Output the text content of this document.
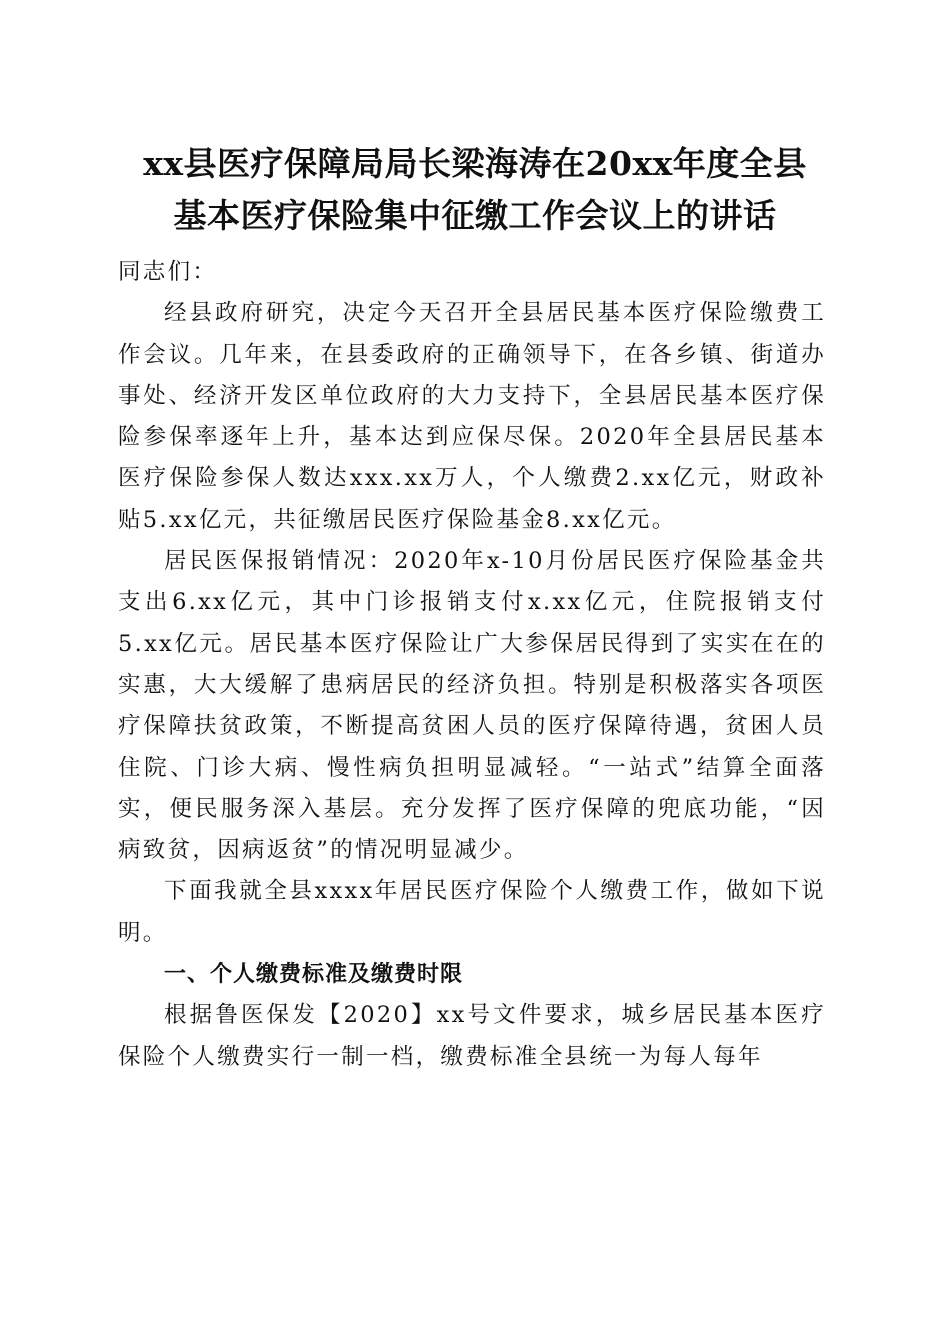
xx县医疗保障局局长梁海涛在20xx年度全县
基本医疗保险集中征缴工作会议上的讲话

同志们：

经县政府研究，决定今天召开全县居民基本医疗保险缴费工作会议。几年来，在县委政府的正确领导下，在各乡镇、街道办事处、经济开发区单位政府的大力支持下，全县居民基本医疗保险参保率逐年上升，基本达到应保尽保。2020年全县居民基本医疗保险参保人数达xxx.xx万人，个人缴费2.xx亿元，财政补贴5.xx亿元，共征缴居民医疗保险基金8.xx亿元。

居民医保报销情况：2020年x-10月份居民医疗保险基金共支出6.xx亿元，其中门诊报销支付x.xx亿元，住院报销支付5.xx亿元。居民基本医疗保险让广大参保居民得到了实实在在的实惠，大大缓解了患病居民的经济负担。特别是积极落实各项医疗保障扶贫政策，不断提高贫困人员的医疗保障待遇，贫困人员住院、门诊大病、慢性病负担明显减轻。“一站式”结算全面落实，便民服务深入基层。充分发挥了医疗保障的兜底功能，“因病致贫，因病返贫”的情况明显减少。

下面我就全县xxxx年居民医疗保险个人缴费工作，做如下说明。

一、个人缴费标准及缴费时限

根据鲁医保发【2020】xx号文件要求，城乡居民基本医疗保险个人缴费实行一制一档，缴费标准全县统一为每人每年
